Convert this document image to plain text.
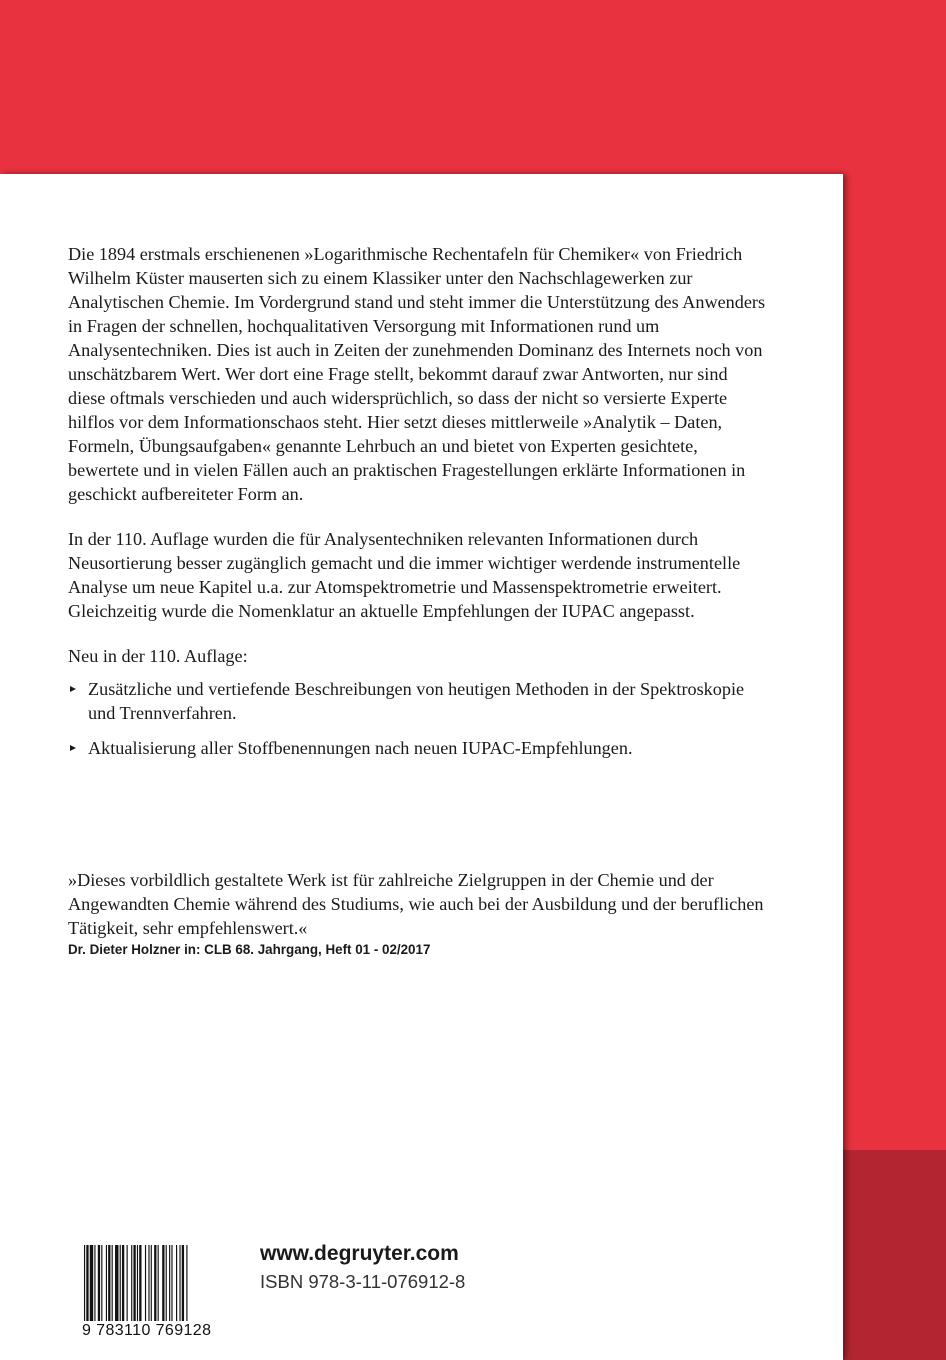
Die 1894 erstmals erschienenen »Logarithmische Rechentafeln für Chemiker« von Friedrich Wilhelm Küster mauserten sich zu einem Klassiker unter den Nachschlagewerken zur Analytischen Chemie. Im Vordergrund stand und steht immer die Unterstützung des Anwenders in Fragen der schnellen, hochqualitativen Versorgung mit Informationen rund um Analysentechniken. Dies ist auch in Zeiten der zunehmenden Dominanz des Internets noch von unschätzbarem Wert. Wer dort eine Frage stellt, bekommt darauf zwar Antworten, nur sind diese oftmals verschieden und auch widersprüchlich, so dass der nicht so versierte Experte hilflos vor dem Informationschaos steht. Hier setzt dieses mittlerweile »Analytik – Daten, Formeln, Übungsaufgaben« genannte Lehrbuch an und bietet von Experten gesichtete, bewertete und in vielen Fällen auch an praktischen Fragestellungen erklärte Informationen in geschickt aufbereiteter Form an.

In der 110. Auflage wurden die für Analysentechniken relevanten Informationen durch Neusortierung besser zugänglich gemacht und die immer wichtiger werdende instrumentelle Analyse um neue Kapitel u.a. zur Atomspektrometrie und Massenspektrometrie erweitert. Gleichzeitig wurde die Nomenklatur an aktuelle Empfehlungen der IUPAC angepasst.

Neu in der 110. Auflage:

Zusätzliche und vertiefende Beschreibungen von heutigen Methoden in der Spektroskopie und Trennverfahren.
Aktualisierung aller Stoffbenennungen nach neuen IUPAC-Empfehlungen.

»Dieses vorbildlich gestaltete Werk ist für zahlreiche Zielgruppen in der Chemie und der Angewandten Chemie während des Studiums, wie auch bei der Ausbildung und der beruflichen Tätigkeit, sehr empfehlenswert.«

Dr. Dieter Holzner in: CLB 68. Jahrgang, Heft 01 - 02/2017
9 783110 769128
www.degruyter.com
ISBN 978-3-11-076912-8
